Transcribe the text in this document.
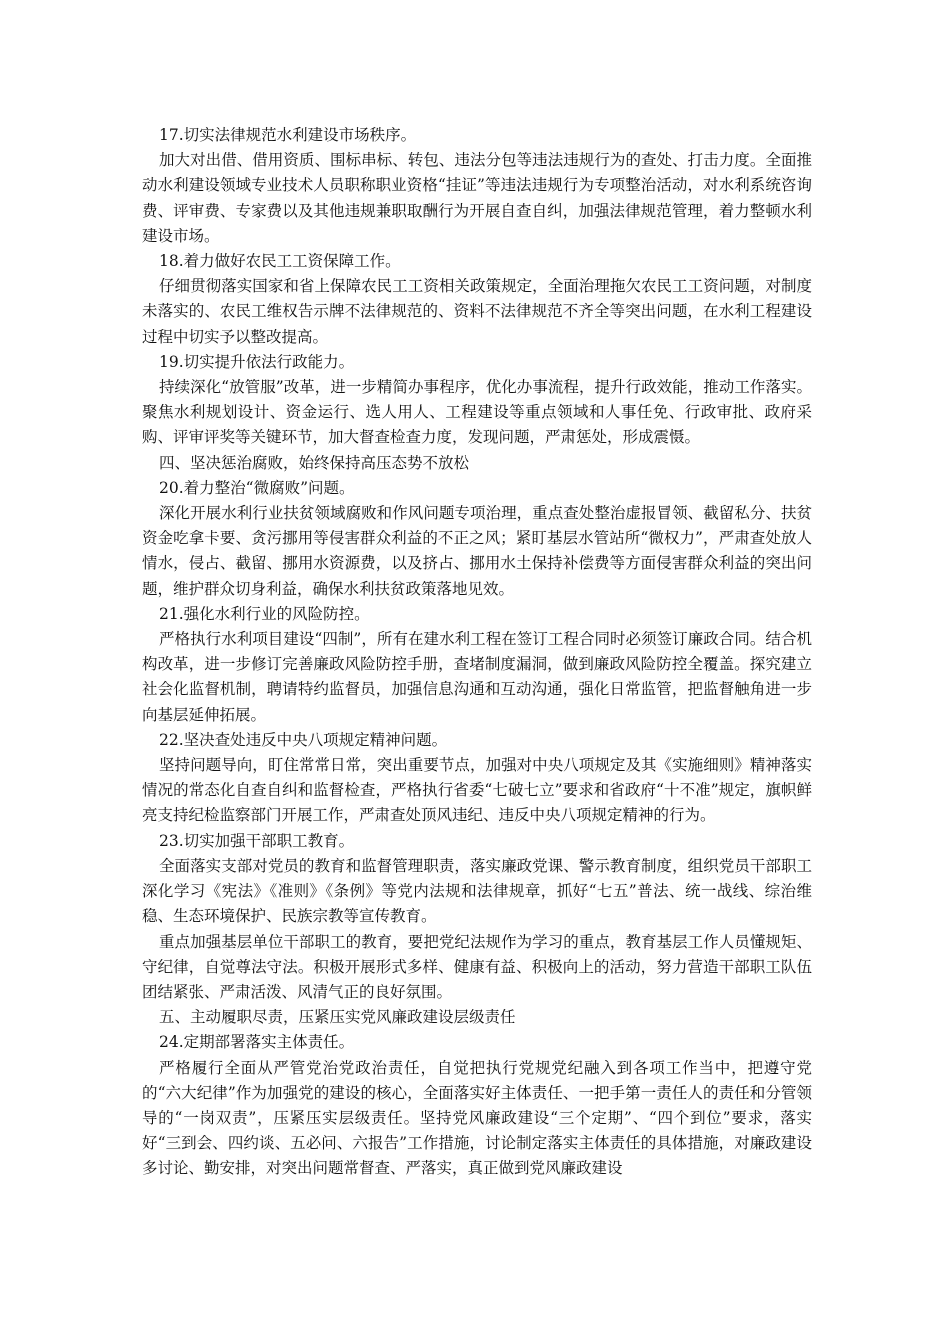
17.切实法律规范水利建设市场秩序。

加大对出借、借用资质、围标串标、转包、违法分包等违法违规行为的查处、打击力度。全面推动水利建设领域专业技术人员职称职业资格“挂证”等违法违规行为专项整治活动，对水利系统咨询费、评审费、专家费以及其他违规兼职取酬行为开展自查自纠，加强法律规范管理，着力整顿水利建设市场。

18.着力做好农民工工资保障工作。

仔细贯彻落实国家和省上保障农民工工资相关政策规定，全面治理拖欠农民工工资问题，对制度未落实的、农民工维权告示牌不法律规范的、资料不法律规范不齐全等突出问题，在水利工程建设过程中切实予以整改提高。

19.切实提升依法行政能力。

持续深化“放管服”改革，进一步精简办事程序，优化办事流程，提升行政效能，推动工作落实。聚焦水利规划设计、资金运行、选人用人、工程建设等重点领域和人事任免、行政审批、政府采购、评审评奖等关键环节，加大督查检查力度，发现问题，严肃惩处，形成震慑。

四、坚决惩治腐败，始终保持高压态势不放松

20.着力整治“微腐败”问题。

深化开展水利行业扶贫领域腐败和作风问题专项治理，重点查处整治虚报冒领、截留私分、扶贫资金吃拿卡要、贪污挪用等侵害群众利益的不正之风；紧盯基层水管站所“微权力”，严肃查处放人情水，侵占、截留、挪用水资源费，以及挤占、挪用水土保持补偿费等方面侵害群众利益的突出问题，维护群众切身利益，确保水利扶贫政策落地见效。

21.强化水利行业的风险防控。

严格执行水利项目建设“四制”，所有在建水利工程在签订工程合同时必须签订廉政合同。结合机构改革，进一步修订完善廉政风险防控手册，查堵制度漏洞，做到廉政风险防控全覆盖。探究建立社会化监督机制，聘请特约监督员，加强信息沟通和互动沟通，强化日常监管，把监督触角进一步向基层延伸拓展。

22.坚决查处违反中央八项规定精神问题。

坚持问题导向，盯住常常日常，突出重要节点，加强对中央八项规定及其《实施细则》精神落实情况的常态化自查自纠和监督检查，严格执行省委“七破七立”要求和省政府“十不准”规定，旗帜鲜亮支持纪检监察部门开展工作，严肃查处顶风违纪、违反中央八项规定精神的行为。

23.切实加强干部职工教育。

全面落实支部对党员的教育和监督管理职责，落实廉政党课、警示教育制度，组织党员干部职工深化学习《宪法》《准则》《条例》等党内法规和法律规章，抓好“七五”普法、统一战线、综治维稳、生态环境保护、民族宗教等宣传教育。

重点加强基层单位干部职工的教育，要把党纪法规作为学习的重点，教育基层工作人员懂规矩、守纪律，自觉尊法守法。积极开展形式多样、健康有益、积极向上的活动，努力营造干部职工队伍团结紧张、严肃活泼、风清气正的良好氛围。

五、主动履职尽责，压紧压实党风廉政建设层级责任

24.定期部署落实主体责任。

严格履行全面从严管党治党政治责任，自觉把执行党规党纪融入到各项工作当中，把遵守党的“六大纪律”作为加强党的建设的核心，全面落实好主体责任、一把手第一责任人的责任和分管领导的“一岗双责”，压紧压实层级责任。坚持党风廉政建设“三个定期”、“四个到位”要求，落实好“三到会、四约谈、五必问、六报告”工作措施，讨论制定落实主体责任的具体措施，对廉政建设多讨论、勤安排，对突出问题常督查、严落实，真正做到党风廉政建设
